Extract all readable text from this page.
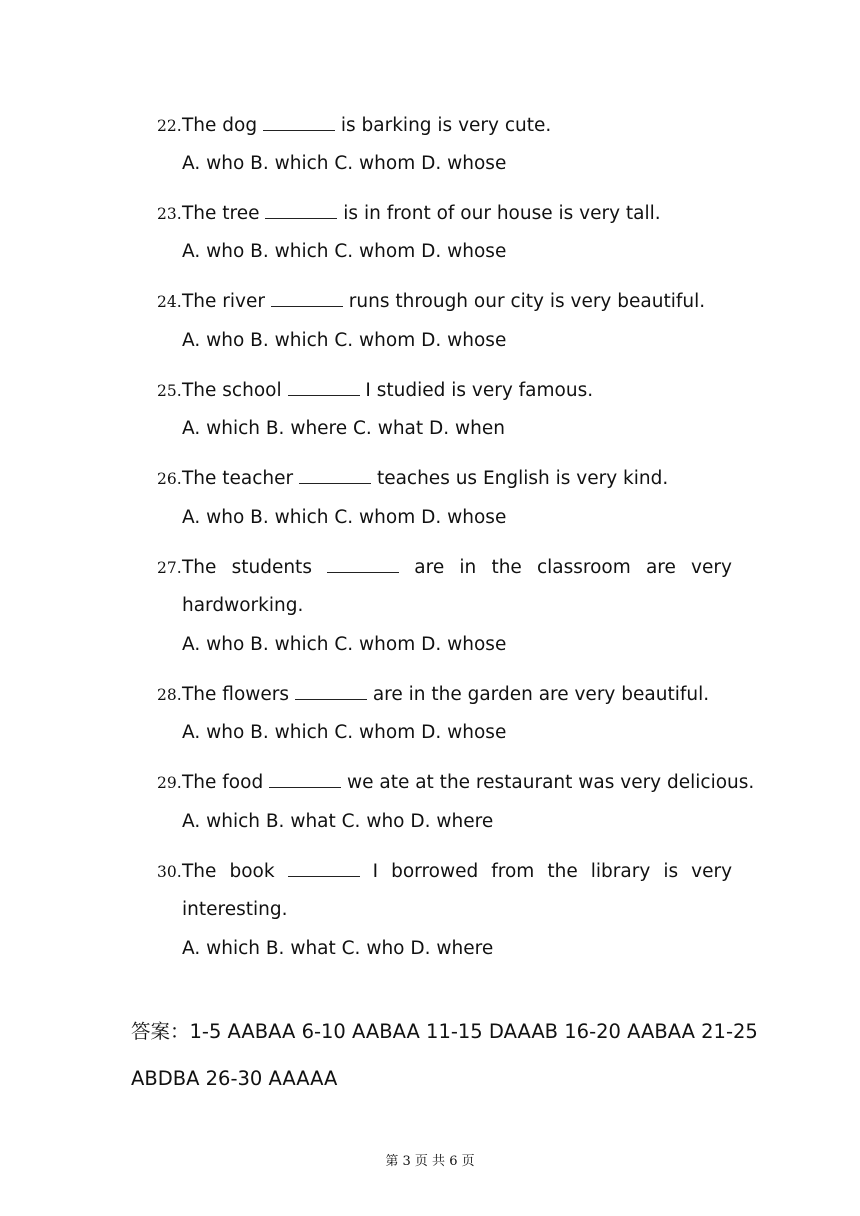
22. The dog	is barking is very cute.
A. who B. which C. whom D. whose
23. The tree	is in front of our house is very tall.
A. who B. which C. whom D. whose
24. The river	runs through our city is very beautiful.
A. who B. which C. whom D. whose
25. The school	I studied is very famous.
A. which B. where C. what D. when
26. The teacher	teaches us English is very kind.
A. who B. which C. whom D. whose
27. The students	are in the classroom are very
hardworking.
A. who B. which C. whom D. whose
28. The flowers	are in the garden are very beautiful.
A. who B. which C. whom D. whose
29. The food	we ate at the restaurant was very delicious.
A. which B. what C. who D. where
30. The book	I borrowed from the library is very
interesting.
A. which B. what C. who D. where
答案：1-5 AABAA 6-10 AABAA 11-15 DAAAB 16-20 AABAA 21-25
ABDBA 26-30 AAAAA
第 3 页 共 6 页
